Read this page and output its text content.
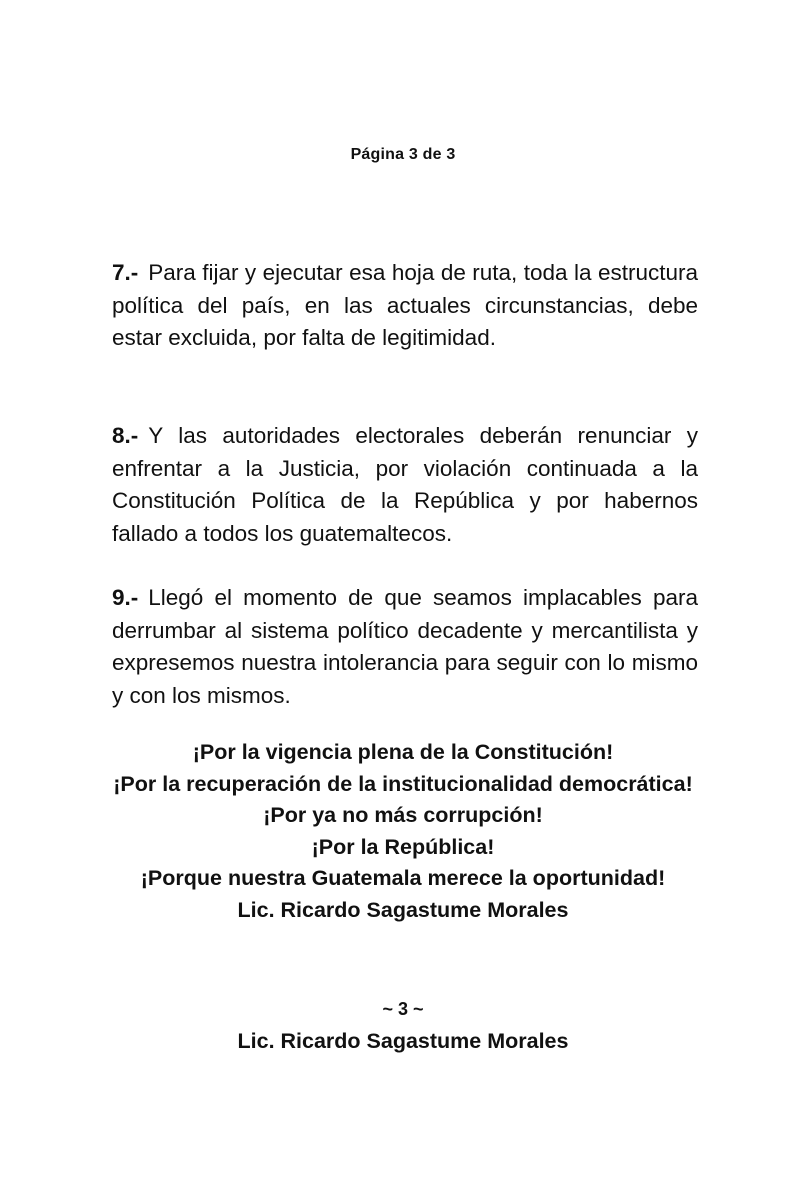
Página 3 de 3
7.- Para fijar y ejecutar esa hoja de ruta, toda la estructura política del país, en las actuales circunstancias, debe estar excluida, por falta de legitimidad.
8.- Y las autoridades electorales deberán renunciar y enfrentar a la Justicia, por violación continuada a la Constitución Política de la República y por habernos fallado a todos los guatemaltecos.
9.- Llegó el momento de que seamos implacables para derrumbar al sistema político decadente y mercantilista y expresemos nuestra intolerancia para seguir con lo mismo y con los mismos.
¡Por la vigencia plena de la Constitución!
¡Por la recuperación de la institucionalidad democrática!
¡Por ya no más corrupción!
¡Por la República!
¡Porque nuestra Guatemala merece la oportunidad!
Lic. Ricardo Sagastume Morales
~ 3 ~
Lic. Ricardo Sagastume Morales
